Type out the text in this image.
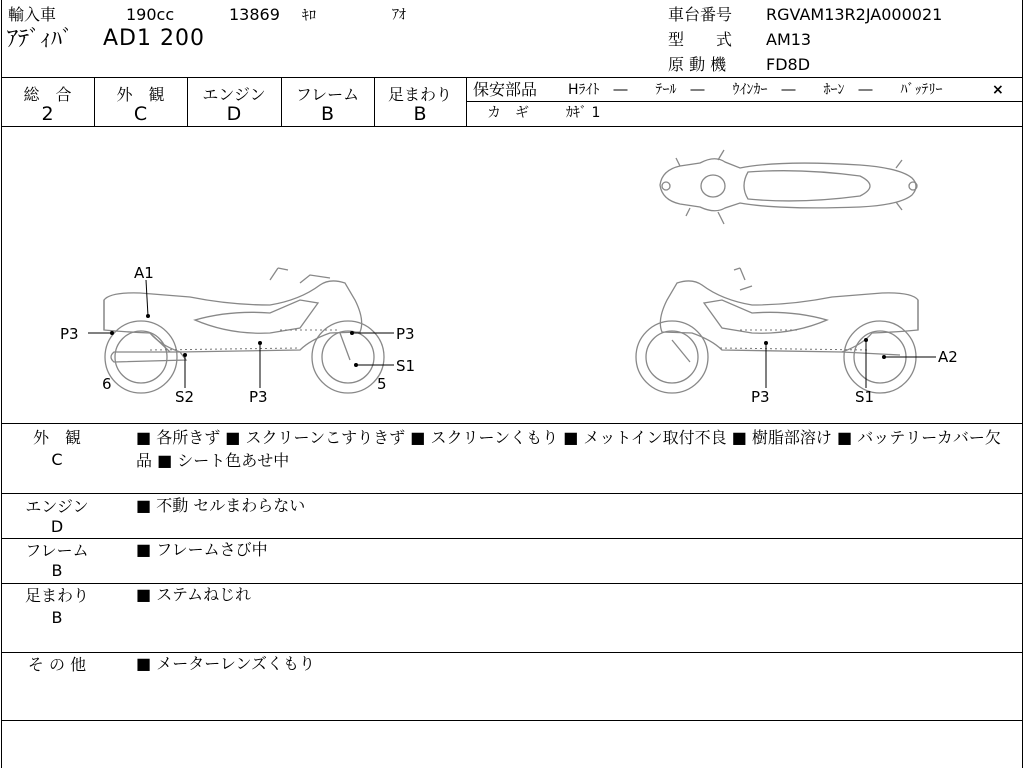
輸入車	190cc	13869 ｷﾛ	ｱｵ
ｱﾃﾞｨﾊﾞ AD1 200
車台番号 RGVAM13R2JA000021
型　　式 AM13
原 動 機 FD8D
総　合
2
外　観
C
エンジン
D
フレーム
B
足まわり
B
保安部品 Hﾗｲﾄ　―　　ﾃｰﾙ　―　　ｳｲﾝｶｰ　―　　ﾎｰﾝ　―　　ﾊﾞｯﾃﾘｰ	×
カ　ギ	ｶｷﾞ 1
A1
P3	P3
S1
6	5
S2	P3
A2
P3	S1
外　観
C
■ 各所きず ■ スクリーンこすりきず ■ スクリーンくもり ■ メットイン取付不良 ■ 樹脂部溶け ■ バッテリーカバー欠品 ■ シート色あせ中
エンジン
D
■ 不動 セルまわらない
フレーム
B
■ フレームさび中
足まわり
B
■ ステムねじれ
そ の 他	■ メーターレンズくもり
